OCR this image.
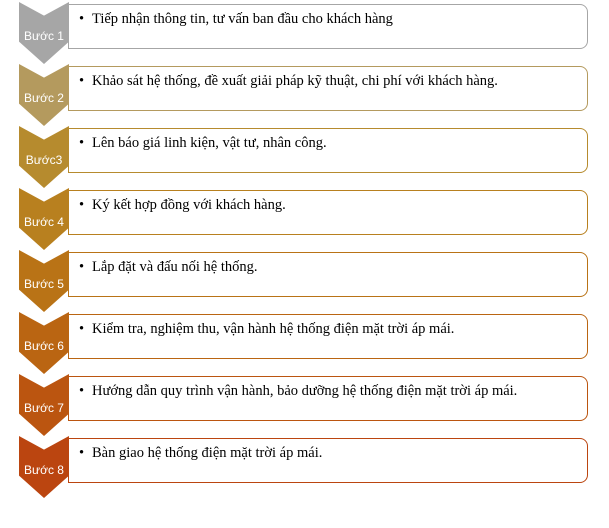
Bước 1
• Tiếp nhận thông tin, tư vấn ban đầu cho khách hàng
Bước 2
• Khảo sát hệ thống, đề xuất giải pháp kỹ thuật, chi phí với khách hàng.
Bước3
• Lên báo giá linh kiện, vật tư, nhân công.
Bước 4
• Ký kết hợp đồng với khách hàng.
Bước 5
• Lắp đặt và đấu nối hệ thống.
Bước 6
• Kiểm tra, nghiệm thu, vận hành hệ thống điện mặt trời áp mái.
Bước 7
• Hướng dẫn quy trình vận hành, bảo dưỡng hệ thống điện mặt trời áp mái.
Bước 8
• Bàn giao hệ thống điện mặt trời áp mái.
